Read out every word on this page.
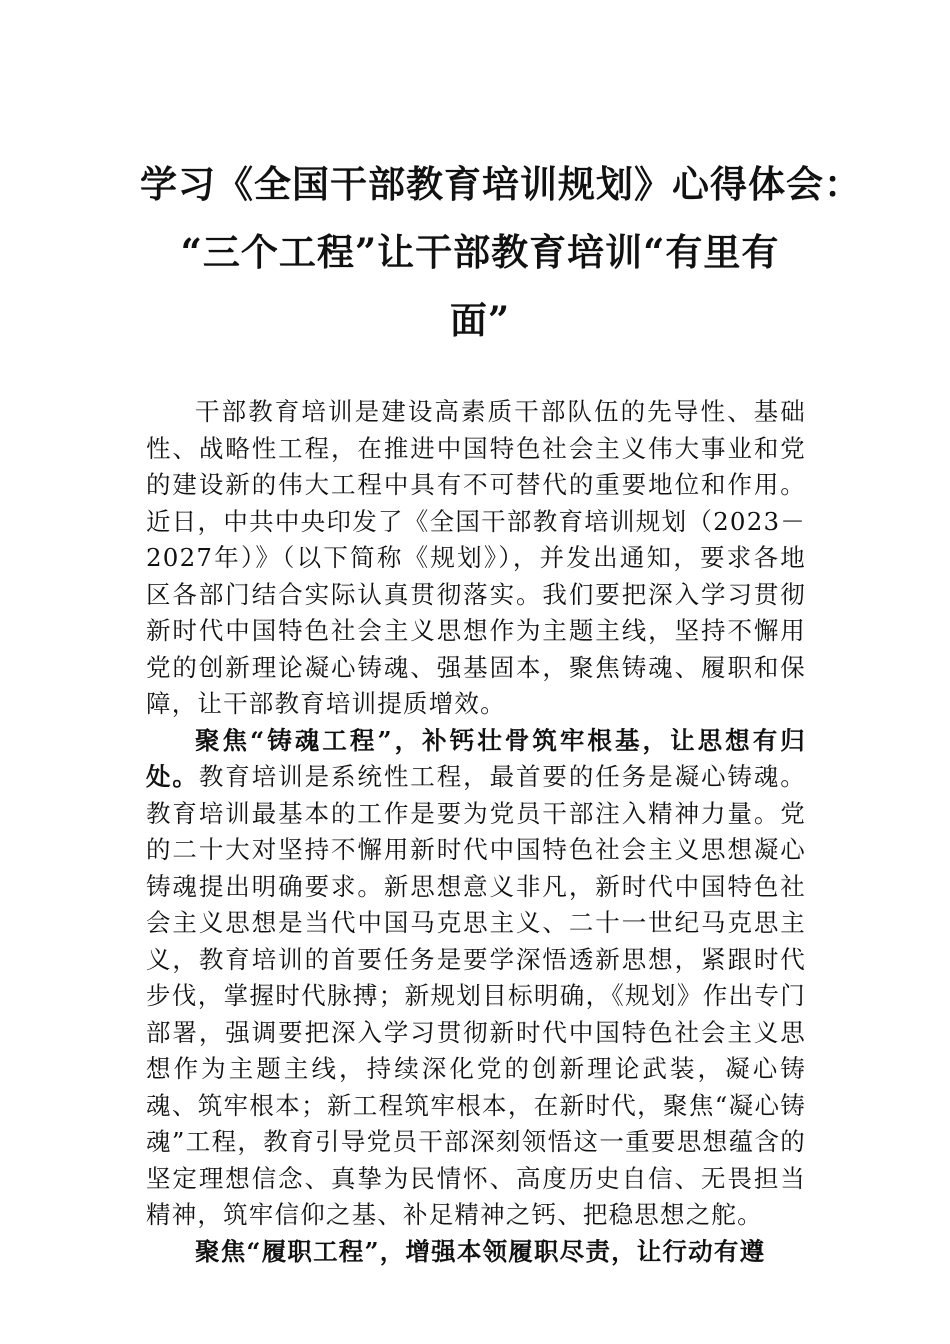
学习《全国干部教育培训规划》心得体会：
“三个工程”让干部教育培训“有里有
面”

干部教育培训是建设高素质干部队伍的先导性、基础性、战略性工程，在推进中国特色社会主义伟大事业和党的建设新的伟大工程中具有不可替代的重要地位和作用。近日，中共中央印发了《全国干部教育培训规划（2023－2027年）》（以下简称《规划》），并发出通知，要求各地区各部门结合实际认真贯彻落实。我们要把深入学习贯彻新时代中国特色社会主义思想作为主题主线，坚持不懈用党的创新理论凝心铸魂、强基固本，聚焦铸魂、履职和保障，让干部教育培训提质增效。

聚焦“铸魂工程”，补钙壮骨筑牢根基，让思想有归处。教育培训是系统性工程，最首要的任务是凝心铸魂。教育培训最基本的工作是要为党员干部注入精神力量。党的二十大对坚持不懈用新时代中国特色社会主义思想凝心铸魂提出明确要求。新思想意义非凡，新时代中国特色社会主义思想是当代中国马克思主义、二十一世纪马克思主义，教育培训的首要任务是要学深悟透新思想，紧跟时代步伐，掌握时代脉搏；新规划目标明确，《规划》作出专门部署，强调要把深入学习贯彻新时代中国特色社会主义思想作为主题主线，持续深化党的创新理论武装，凝心铸魂、筑牢根本；新工程筑牢根本，在新时代，聚焦“凝心铸魂”工程，教育引导党员干部深刻领悟这一重要思想蕴含的坚定理想信念、真挚为民情怀、高度历史自信、无畏担当精神，筑牢信仰之基、补足精神之钙、把稳思想之舵。

聚焦“履职工程”，增强本领履职尽责，让行动有遵
